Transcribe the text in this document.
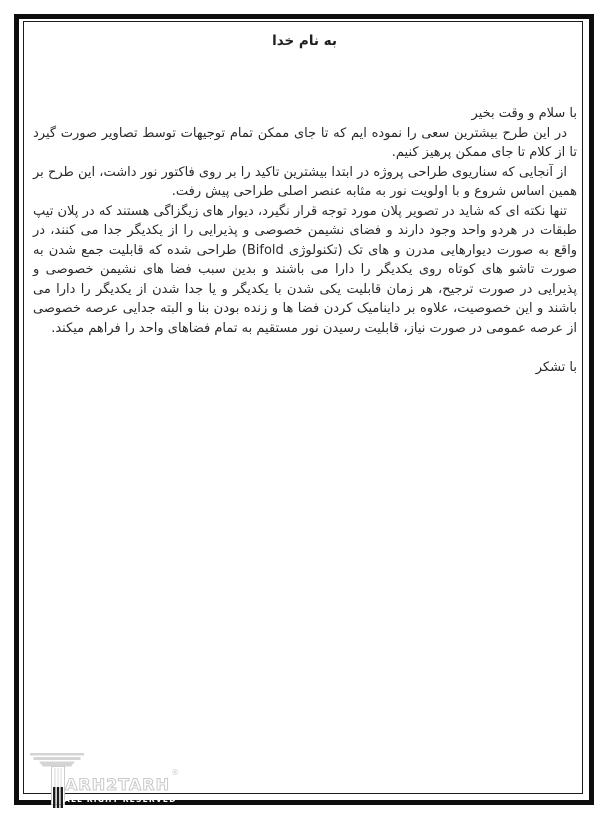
به نام خدا

با سلام و وقت بخیر

در این طرح بیشترین سعی را نموده ایم که تا جای ممکن تمام توجیهات توسط تصاویر صورت گیرد تا از کلام تا جای ممکن پرهیز کنیم.

از آنجایی که سناریوی طراحی پروژه در ابتدا بیشترین تاکید را بر روی فاکتور نور داشت، این طرح بر همین اساس شروع و با اولویت نور به مثابه عنصر اصلی طراحی پیش رفت.

تنها نکته ای که شاید در تصویر پلان مورد توجه قرار نگیرد، دیوار های زیگزاگی هستند که در پلان تیپ طبقات در هردو واحد وجود دارند و فضای نشیمن خصوصی و پذیرایی را از یکدیگر جدا می کنند، در واقع به صورت دیوارهایی مدرن و های تک (تکنولوژی Bifold) طراحی شده که قابلیت جمع شدن به صورت تاشو های کوتاه روی یکدیگر را دارا می باشند و بدین سبب فضا های نشیمن خصوصی و پذیرایی در صورت ترجیح، هر زمان قابلیت یکی شدن با یکدیگر و یا جدا شدن از یکدیگر را دارا می باشند و این خصوصیت، علاوه بر داینامیک کردن فضا ها و زنده بودن بنا و البته جدایی عرصه خصوصی از عرصه عمومی در صورت نیاز، قابلیت رسیدن نور مستقیم به تمام فضاهای واحد را فراهم میکند.

با تشکر

ARH2TARH
®
ALL RIGHT RESERVED
